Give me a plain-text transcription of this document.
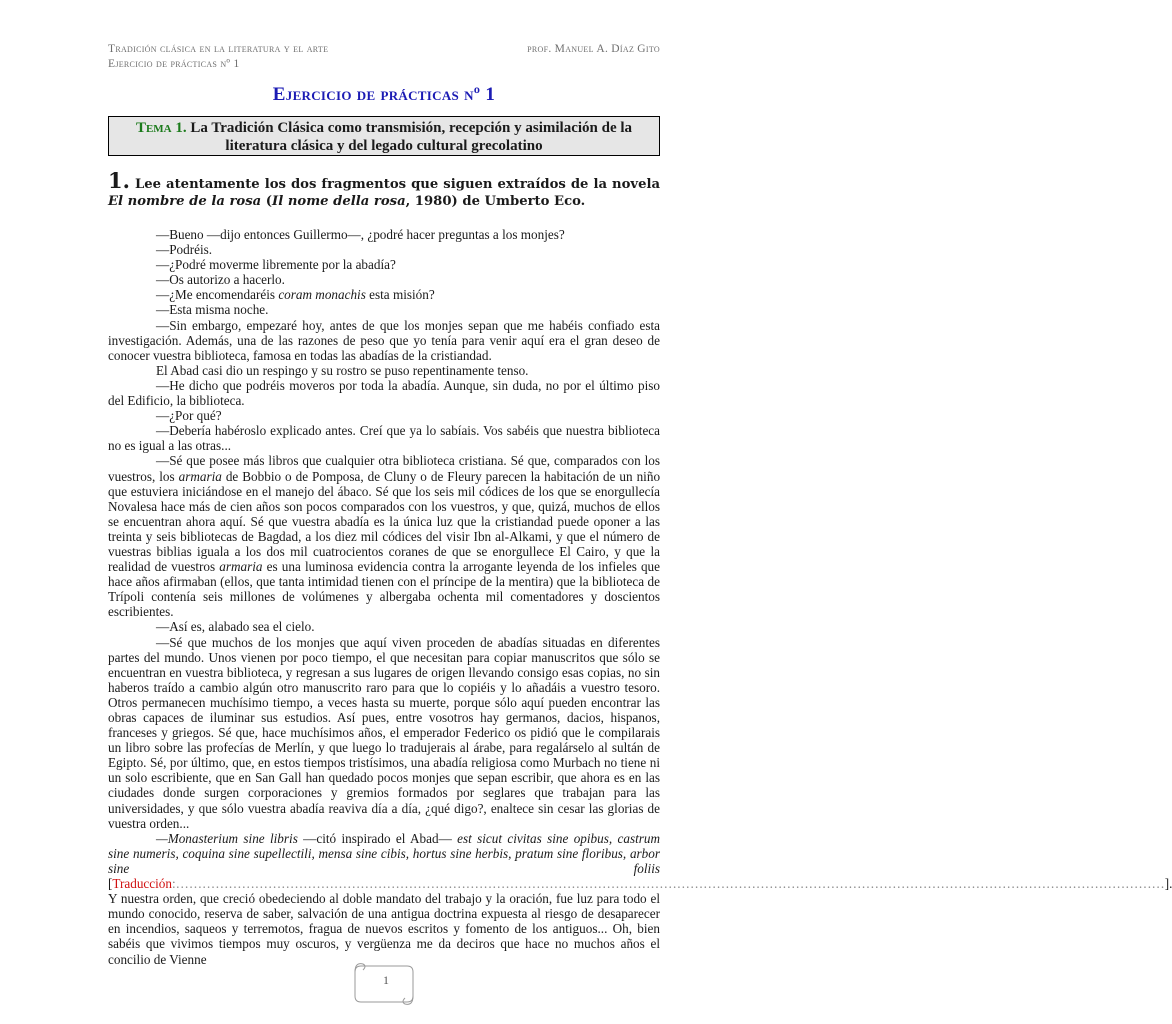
Tradición clásica en la literatura y el arte	prof. Manuel A. Díaz Gito
Ejercicio de prácticas nº 1
Ejercicio de prácticas nº 1
Tema 1. La Tradición Clásica como transmisión, recepción y asimilación de la literatura clásica y del legado cultural grecolatino
1. Lee atentamente los dos fragmentos que siguen extraídos de la novela El nombre de la rosa (Il nome della rosa, 1980) de Umberto Eco.

—Bueno —dijo entonces Guillermo—, ¿podré hacer preguntas a los monjes?

—Podréis.

—¿Podré moverme libremente por la abadía?

—Os autorizo a hacerlo.

—¿Me encomendaréis coram monachis esta misión?

—Esta misma noche.

—Sin embargo, empezaré hoy, antes de que los monjes sepan que me habéis confiado esta investigación. Además, una de las razones de peso que yo tenía para venir aquí era el gran deseo de conocer vuestra biblioteca, famosa en todas las abadías de la cristiandad.

El Abad casi dio un respingo y su rostro se puso repentinamente tenso.

—He dicho que podréis moveros por toda la abadía. Aunque, sin duda, no por el último piso del Edificio, la biblioteca.

—¿Por qué?

—Debería habéroslo explicado antes. Creí que ya lo sabíais. Vos sabéis que nuestra biblioteca no es igual a las otras...

—Sé que posee más libros que cualquier otra biblioteca cristiana. Sé que, comparados con los vuestros, los armaria de Bobbio o de Pomposa, de Cluny o de Fleury parecen la habitación de un niño que estuviera iniciándose en el manejo del ábaco. Sé que los seis mil códices de los que se enorgullecía Novalesa hace más de cien años son pocos comparados con los vuestros, y que, quizá, muchos de ellos se encuentran ahora aquí. Sé que vuestra abadía es la única luz que la cristiandad puede oponer a las treinta y seis bibliotecas de Bagdad, a los diez mil códices del visir Ibn al-Alkami, y que el número de vuestras biblias iguala a los dos mil cuatrocientos coranes de que se enorgullece El Cairo, y que la realidad de vuestros armaria es una luminosa evidencia contra la arrogante leyenda de los infieles que hace años afirmaban (ellos, que tanta intimidad tienen con el príncipe de la mentira) que la biblioteca de Trípoli contenía seis millones de volúmenes y albergaba ochenta mil comentadores y doscientos escribientes.

—Así es, alabado sea el cielo.

—Sé que muchos de los monjes que aquí viven proceden de abadías situadas en diferentes partes del mundo. Unos vienen por poco tiempo, el que necesitan para copiar manuscritos que sólo se encuentran en vuestra biblioteca, y regresan a sus lugares de origen llevando consigo esas copias, no sin haberos traído a cambio algún otro manuscrito raro para que lo copiéis y lo añadáis a vuestro tesoro. Otros permanecen muchísimo tiempo, a veces hasta su muerte, porque sólo aquí pueden encontrar las obras capaces de iluminar sus estudios. Así pues, entre vosotros hay germanos, dacios, hispanos, franceses y griegos. Sé que, hace muchísimos años, el emperador Federico os pidió que le compilarais un libro sobre las profecías de Merlín, y que luego lo tradujerais al árabe, para regalárselo al sultán de Egipto. Sé, por último, que, en estos tiempos tristísimos, una abadía religiosa como Murbach no tiene ni un solo escribiente, que en San Gall han quedado pocos monjes que sepan escribir, que ahora es en las ciudades donde surgen corporaciones y gremios formados por seglares que trabajan para las universidades, y que sólo vuestra abadía reaviva día a día, ¿qué digo?, enaltece sin cesar las glorias de vuestra orden...

—Monasterium sine libris —citó inspirado el Abad— est sicut civitas sine opibus, castrum sine numeris, coquina sine supellectili, mensa sine cibis, hortus sine herbis, pratum sine floribus, arbor sine foliis [Traducción:………………………………………………………………………………………………………………………………………………………………………………………………………]. Y nuestra orden, que creció obedeciendo al doble mandato del trabajo y la oración, fue luz para todo el mundo conocido, reserva de saber, salvación de una antigua doctrina expuesta al riesgo de desaparecer en incendios, saqueos y terremotos, fragua de nuevos escritos y fomento de los antiguos... Oh, bien sabéis que vivimos tiempos muy oscuros, y vergüenza me da deciros que hace no muchos años el concilio de Vienne

1
